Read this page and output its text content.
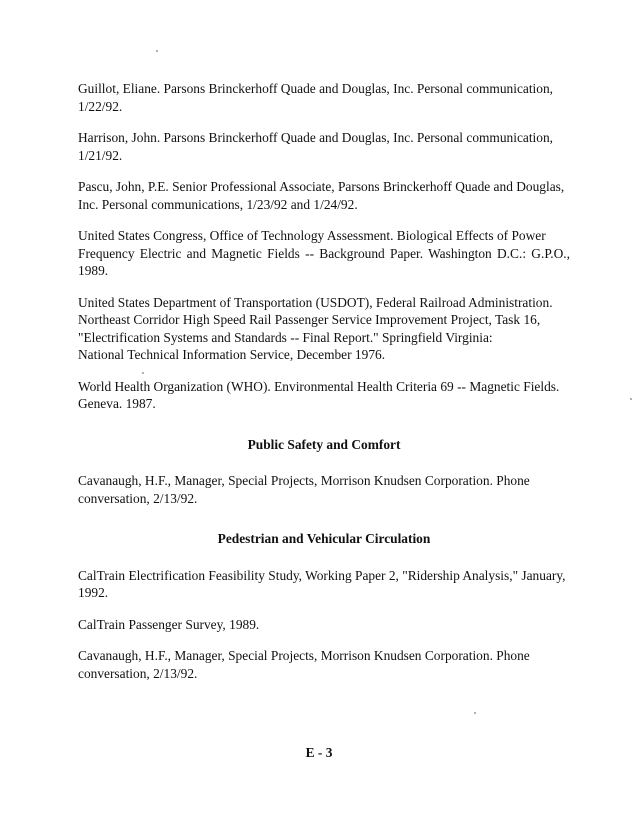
Guillot, Eliane. Parsons Brinckerhoff Quade and Douglas, Inc. Personal communication,
1/22/92.

Harrison, John. Parsons Brinckerhoff Quade and Douglas, Inc. Personal communication,
1/21/92.

Pascu, John, P.E. Senior Professional Associate, Parsons Brinckerhoff Quade and Douglas,
Inc. Personal communications, 1/23/92 and 1/24/92.

United States Congress, Office of Technology Assessment. Biological Effects of Power
Frequency Electric and Magnetic Fields -- Background Paper. Washington D.C.: G.P.O., 1989.

United States Department of Transportation (USDOT), Federal Railroad Administration.
Northeast Corridor High Speed Rail Passenger Service Improvement Project, Task 16,
"Electrification Systems and Standards -- Final Report." Springfield Virginia:
National Technical Information Service, December 1976.

World Health Organization (WHO). Environmental Health Criteria 69 -- Magnetic Fields.
Geneva. 1987.

Public Safety and Comfort

Cavanaugh, H.F., Manager, Special Projects, Morrison Knudsen Corporation. Phone
conversation, 2/13/92.

Pedestrian and Vehicular Circulation

CalTrain Electrification Feasibility Study, Working Paper 2, "Ridership Analysis," January,
1992.

CalTrain Passenger Survey, 1989.

Cavanaugh, H.F., Manager, Special Projects, Morrison Knudsen Corporation. Phone
conversation, 2/13/92.

E - 3
